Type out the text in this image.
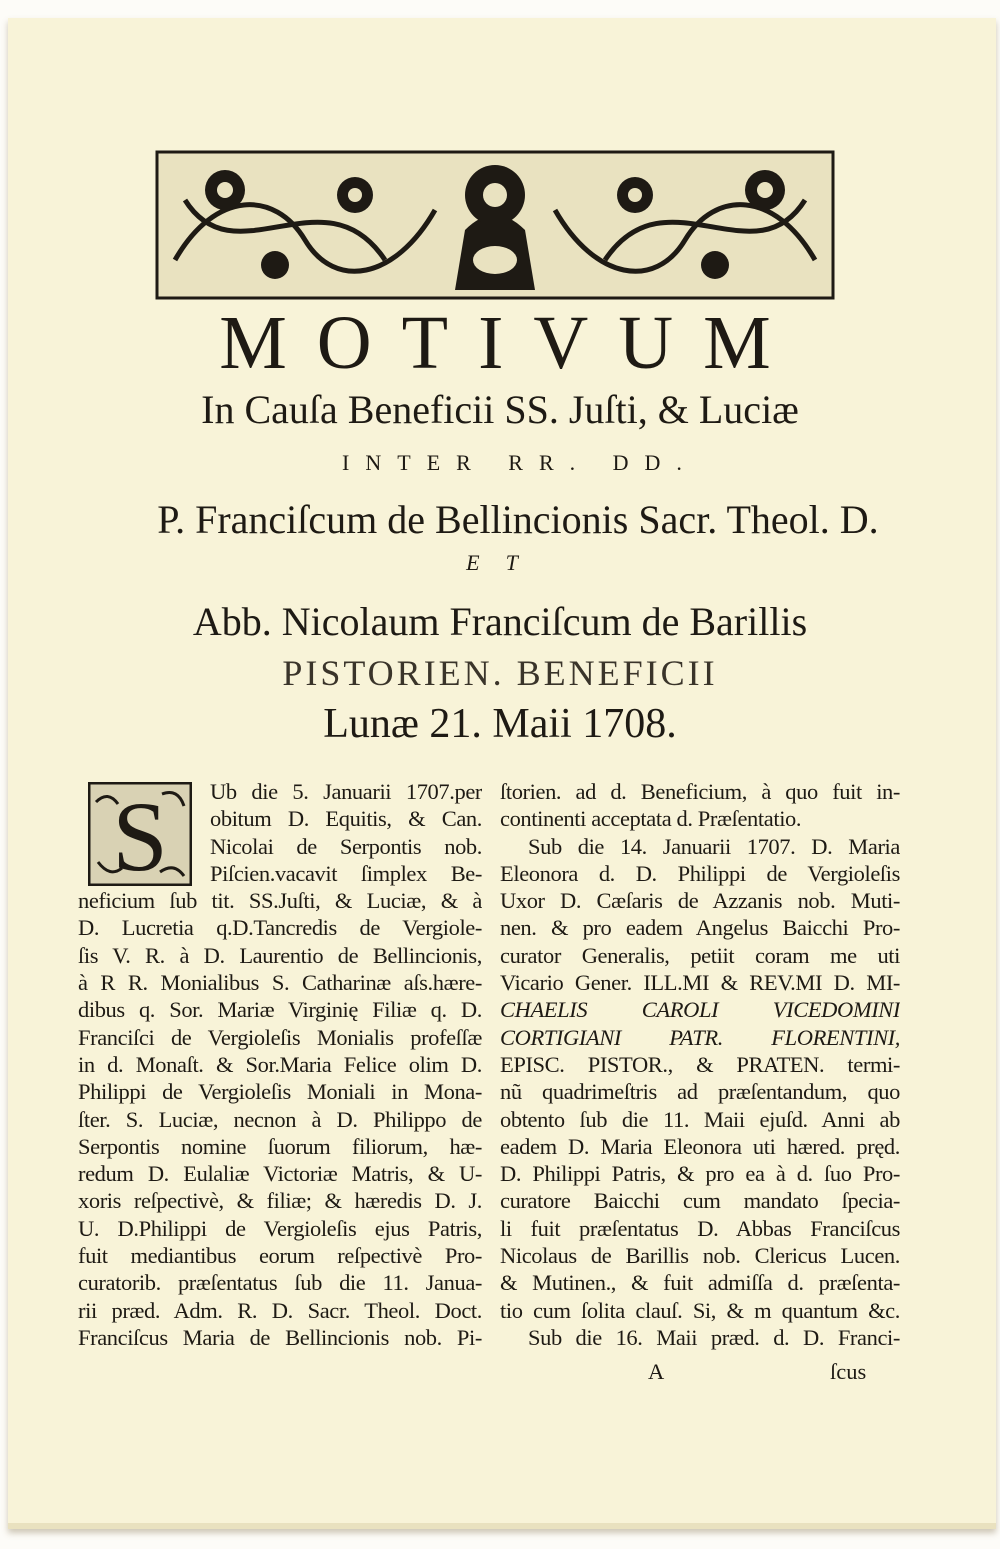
MOTIVUM
In Cauſa Beneficii SS. Juſti, & Luciæ
INTER RR. DD.
P. Franciſcum de Bellincionis Sacr. Theol. D.
ET
Abb. Nicolaum Franciſcum de Barillis
PISTORIEN. BENEFICII
Lunæ 21. Maii 1708.
S	Ub die 5. Januarii 1707.per
obitum D. Equitis, & Can.
Nicolai de Serpontis nob.
Piſcien.vacavit ſimplex Be-
neficium ſub tit. SS.Juſti, & Luciæ, & à
D. Lucretia q.D.Tancredis de Vergiole-
ſis V. R. à D. Laurentio de Bellincionis,
à R R. Monialibus S. Catharinæ aſs.hære-
dibus q. Sor. Mariæ Virginię Filiæ q. D.
Franciſci de Vergioleſis Monialis profeſſæ
in d. Monaſt. & Sor.Maria Felice olim D.
Philippi de Vergioleſis Moniali in Mona-
ſter. S. Luciæ, necnon à D. Philippo de
Serpontis nomine ſuorum filiorum, hæ-
redum D. Eulaliæ Victoriæ Matris, & U-
xoris reſpectivè, & filiæ; & hæredis D. J.
U. D.Philippi de Vergioleſis ejus Patris,
fuit mediantibus eorum reſpectivè Pro-
curatorib. præſentatus ſub die 11. Janua-
rii præd. Adm. R. D. Sacr. Theol. Doct.
Franciſcus Maria de Bellincionis nob. Pi-
ſtorien. ad d. Beneficium, à quo fuit in-
continenti acceptata d. Præſentatio.
Sub die 14. Januarii 1707. D. Maria
Eleonora d. D. Philippi de Vergioleſis
Uxor D. Cæſaris de Azzanis nob. Muti-
nen. & pro eadem Angelus Baicchi Pro-
curator Generalis, petiit coram me uti
Vicario Gener. ILL.MI & REV.MI D. MI-
CHAELIS CAROLI VICEDOMINI
CORTIGIANI PATR. FLORENTINI,
EPISC. PISTOR., & PRATEN. termi-
nũ quadrimeſtris ad præſentandum, quo
obtento ſub die 11. Maii ejuſd. Anni ab
eadem D. Maria Eleonora uti hæred. pręd.
D. Philippi Patris, & pro ea à d. ſuo Pro-
curatore Baicchi cum mandato ſpecia-
li fuit præſentatus D. Abbas Franciſcus
Nicolaus de Barillis nob. Clericus Lucen.
& Mutinen., & fuit admiſſa d. præſenta-
tio cum ſolita clauſ. Si, & m quantum &c.
Sub die 16. Maii præd. d. D. Franci-
A	ſcus
